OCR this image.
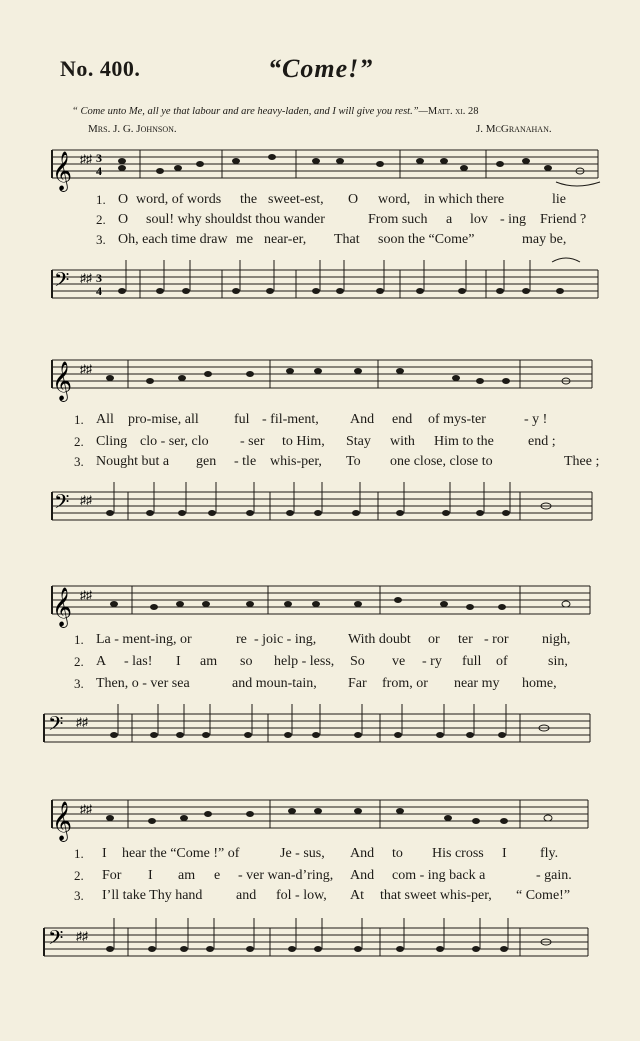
No. 400.	“Come!”
“ Come unto Me, all ye that labour and are heavy-laden, and I will give you rest.”—Matt. xi. 28
Mrs. J. G. Johnson.	J. McGranahan.
𝄞 ♯♯ 3
4
1. O word, of words the sweet-est, O word, in which there	lie
2. O soul! why shouldst thou wander	From such a lov - ing Friend ?
3. Oh, each time draw me near-er, That soon the “Come”	may be,
𝄢 ♯♯ 3
4
𝄞 ♯♯
1. All pro-mise, all	ful - fil-ment, And end of mys-ter	- y !
2. Cling clo - ser, clo - ser to Him, Stay with Him to the end ;
3. Nought but a gen - tle whis-per, To one close, close to	Thee ;
𝄢 ♯♯
𝄞 ♯♯
1. La - ment-ing, or	re - joic - ing, With doubt or ter - ror nigh,
2. A - las! I am so help - less, So ve - ry full of	sin,
3. Then, o - ver sea	and moun-tain, Far from, or near my home,
𝄢 ♯♯
𝄞 ♯♯
1. I hear the “Come !” of	Je - sus, And to His cross I fly.
2. For I am e - ver wan-d’ring, And com - ing back a	- gain.
3. I’ll take Thy hand and fol - low, At that sweet whis-per, “ Come!”
𝄢 ♯♯
